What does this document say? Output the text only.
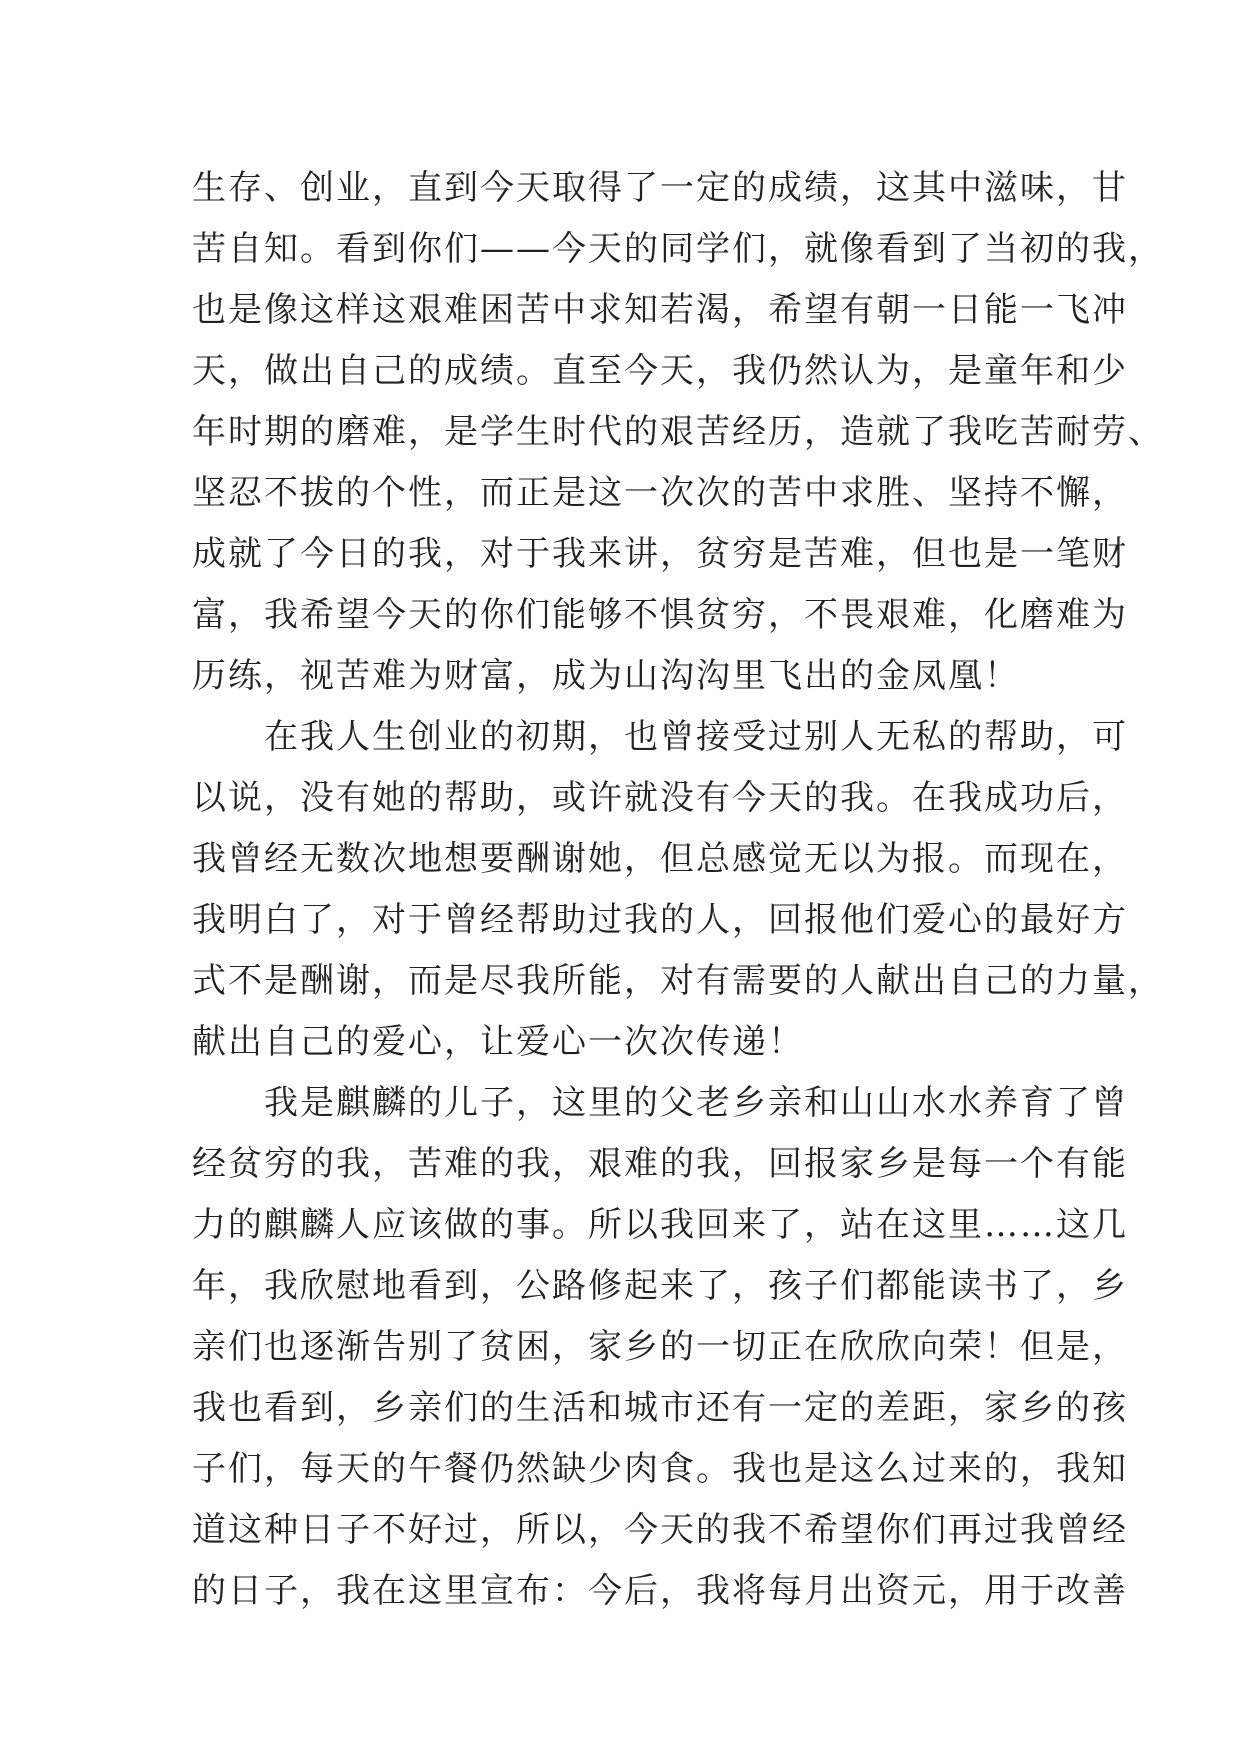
生存、创业，直到今天取得了一定的成绩，这其中滋味，甘
苦自知。看到你们——今天的同学们，就像看到了当初的我，
也是像这样这艰难困苦中求知若渴，希望有朝一日能一飞冲
天，做出自己的成绩。直至今天，我仍然认为，是童年和少
年时期的磨难，是学生时代的艰苦经历，造就了我吃苦耐劳、
坚忍不拔的个性，而正是这一次次的苦中求胜、坚持不懈，
成就了今日的我，对于我来讲，贫穷是苦难，但也是一笔财
富，我希望今天的你们能够不惧贫穷，不畏艰难，化磨难为
历练，视苦难为财富，成为山沟沟里飞出的金凤凰！
在我人生创业的初期，也曾接受过别人无私的帮助，可
以说，没有她的帮助，或许就没有今天的我。在我成功后，
我曾经无数次地想要酬谢她，但总感觉无以为报。而现在，
我明白了，对于曾经帮助过我的人，回报他们爱心的最好方
式不是酬谢，而是尽我所能，对有需要的人献出自己的力量，
献出自己的爱心，让爱心一次次传递！
我是麒麟的儿子，这里的父老乡亲和山山水水养育了曾
经贫穷的我，苦难的我，艰难的我，回报家乡是每一个有能
力的麒麟人应该做的事。所以我回来了，站在这里……这几
年，我欣慰地看到，公路修起来了，孩子们都能读书了，乡
亲们也逐渐告别了贫困，家乡的一切正在欣欣向荣！但是，
我也看到，乡亲们的生活和城市还有一定的差距，家乡的孩
子们，每天的午餐仍然缺少肉食。我也是这么过来的，我知
道这种日子不好过，所以，今天的我不希望你们再过我曾经
的日子，我在这里宣布：今后，我将每月出资元，用于改善
